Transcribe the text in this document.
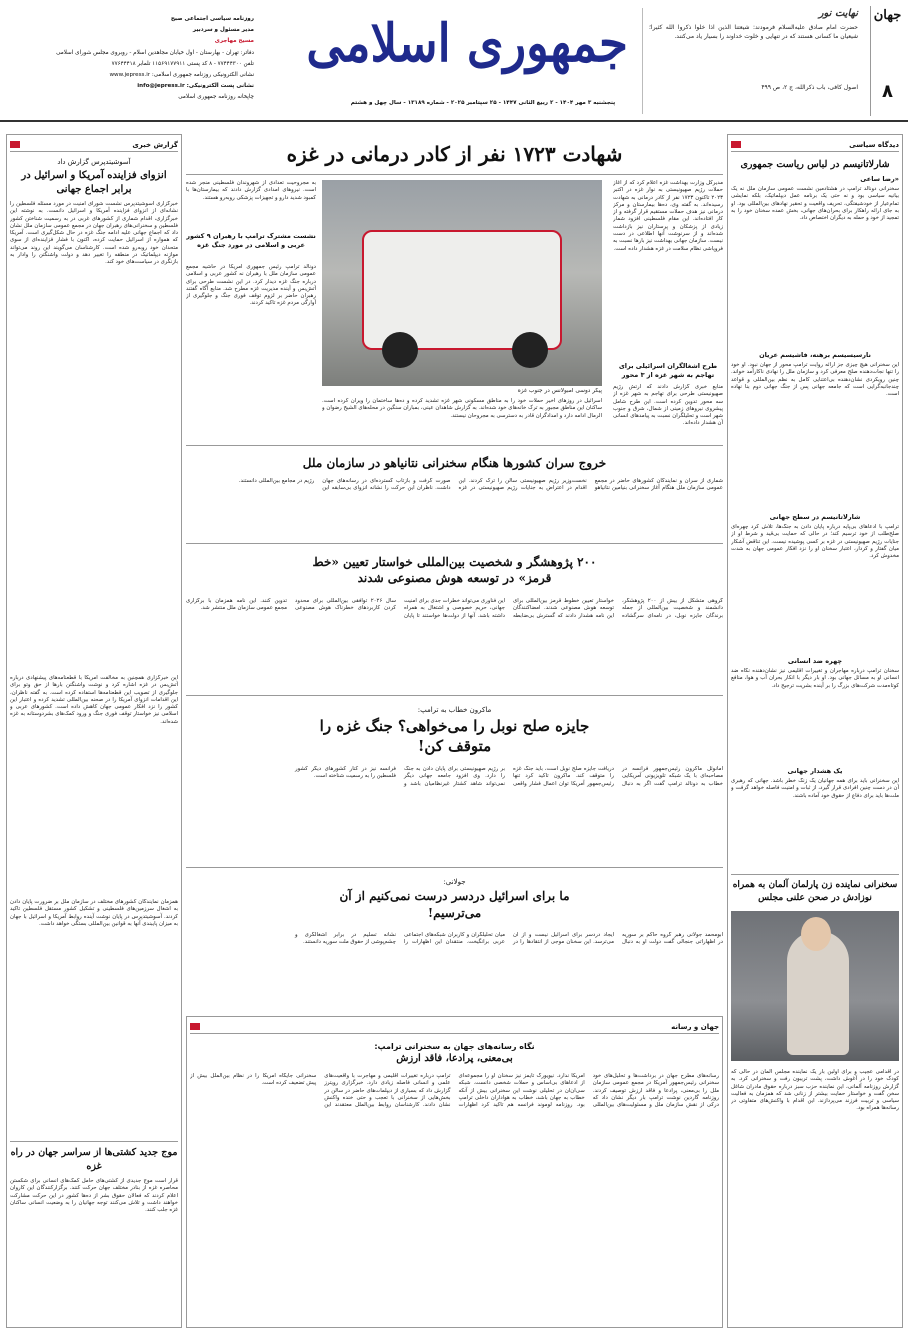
جهان
۸
نهایت نور
حضرت امام صادق علیه‌السلام فرمودند: شیعتنا الذین اذا خلوا ذکروا الله کثیرا؛ شیعیان ما کسانی هستند که در تنهایی و خلوت خداوند را بسیار یاد می‌کنند.
اصول کافی، باب ذکرالله، ج ۲، ص ۴۹۹
جمهوری اسلامی
پنجشنبه ۳ مهر ۱۴۰۴ - ۲ ربیع الثانی ۱۴۴۷ - ۲۵ سپتامبر ۲۰۲۵ - شماره ۱۳۱۸۹ - سال چهل و هشتم
روزنامه سیاسی اجتماعی صبح
مدیر مسئول و سردبیر
مسیح مهاجری
دفاتر: تهران - بهارستان - اول خیابان مجاهدین اسلام - روبروی مجلس شورای اسلامی
تلفن ۷۷۴۴۴۳۰۰ - ۸ کد پستی ۱۱۵۶۹۱۷۷۹۱۱ تلمابر ۷۷۶۴۴۴۱۸
نشانی الکترونیکی روزنامه جمهوری اسلامی: www.jepress.ir
نشانی پست الکترونیکی: info@jepress.ir
چاپخانه روزنامه جمهوری اسلامی
گزارش خبری
آسوشیتدپرس گزارش داد
انزوای فزاینده آمریکا و اسرائیل در برابر اجماع جهانی
خبرگزاری آسوشیتدپرس نشست شورای امنیت در مورد مسئله فلسطین را نشانه‌ای از انزوای فزاینده آمریکا و اسرائیل دانست. به نوشته این خبرگزاری، اقدام شماری از کشورهای غربی در به رسمیت شناختن کشور فلسطین و سخنرانی‌های رهبران جهان در مجمع عمومی سازمان ملل نشان داد که اجماع جهانی علیه ادامه جنگ غزه در حال شکل‌گیری است. آمریکا که همواره از اسرائیل حمایت کرده، اکنون با فشار فزاینده‌ای از سوی متحدان خود روبه‌رو شده است. کارشناسان می‌گویند این روند می‌تواند موازنه دیپلماتیک در منطقه را تغییر دهد و دولت واشنگتن را وادار به بازنگری در سیاست‌های خود کند.
این خبرگزاری همچنین به مخالفت آمریکا با قطعنامه‌های پیشنهادی درباره آتش‌بس در غزه اشاره کرد و نوشت واشنگتن بارها از حق وتو برای جلوگیری از تصویب این قطعنامه‌ها استفاده کرده است. به گفته ناظران، این اقدامات انزوای آمریکا را در صحنه بین‌المللی تشدید کرده و اعتبار این کشور را نزد افکار عمومی جهان کاهش داده است. کشورهای عربی و اسلامی نیز خواستار توقف فوری جنگ و ورود کمک‌های بشردوستانه به غزه شده‌اند.
همزمان نمایندگان کشورهای مختلف در سازمان ملل بر ضرورت پایان دادن به اشغال سرزمین‌های فلسطینی و تشکیل کشور مستقل فلسطین تاکید کردند. آسوشیتدپرس در پایان نوشت آینده روابط آمریکا و اسرائیل با جهان به میزان پایبندی آنها به قوانین بین‌المللی بستگی خواهد داشت.
موج جدید کشتی‌ها از سراسر جهان در راه غزه
قرار است موج جدیدی از کشتی‌های حامل کمک‌های انسانی برای شکستن محاصره غزه از بنادر مختلف جهان حرکت کنند. برگزارکنندگان این کاروان اعلام کردند که فعالان حقوق بشر از ده‌ها کشور در این حرکت مشارکت خواهند داشت و تلاش می‌کنند توجه جهانیان را به وضعیت انسانی ساکنان غزه جلب کنند.
دیدگاه سیاسی
شارلاتانیسم در لباس ریاست جمهوری
«رضا ساعی
سخنرانی دونالد ترامپ در هشتادمین نشست عمومی سازمان ملل نه یک بیانیه سیاسی بود و نه حتی یک برنامه عمل دیپلماتیک، بلکه نمایشی تمام‌عیار از خودشیفتگی، تحریف واقعیت و تحقیر نهادهای بین‌المللی بود. او به جای ارائه راهکار برای بحران‌های جهانی، بخش عمده سخنان خود را به تمجید از خود و حمله به دیگران اختصاص داد.
نارسیسیسم برهنه، فاشیسم عریان
این سخنرانی هیچ چیزی جز ارائه روایت ترامپ محور از جهان نبود. او خود را تنها نجات‌دهنده صلح معرفی کرد و سازمان ملل را نهادی ناکارآمد خواند. چنین رویکردی نشان‌دهنده بی‌اعتنایی کامل به نظم بین‌المللی و قواعد چندجانبه‌گرایی است که جامعه جهانی پس از جنگ جهانی دوم بنا نهاده است.
شارلاتانیسم در سطح جهانی
ترامپ با ادعاهای بی‌پایه درباره پایان دادن به جنگ‌ها، تلاش کرد چهره‌ای صلح‌طلب از خود ترسیم کند؛ در حالی که حمایت بی‌قید و شرط او از جنایات رژیم صهیونیستی در غزه بر کسی پوشیده نیست. این تناقض آشکار میان گفتار و کردار، اعتبار سخنان او را نزد افکار عمومی جهان به شدت مخدوش کرد.
چهره ضد انسانی
سخنان ترامپ درباره مهاجران و تغییرات اقلیمی نیز نشان‌دهنده نگاه ضد انسانی او به مسائل جهانی بود. او بار دیگر با انکار بحران آب و هوا، منافع کوتاه‌مدت شرکت‌های بزرگ را بر آینده بشریت ترجیح داد.
یک هشدار جهانی
این سخنرانی باید برای همه جهانیان یک زنگ خطر باشد. جهانی که رهبری آن در دست چنین افرادی قرار گیرد، از ثبات و امنیت فاصله خواهد گرفت و ملت‌ها باید برای دفاع از حقوق خود آماده باشند.
سخنرانی نماینده زن پارلمان آلمان به همراه نوزادش در صحن علنی مجلس
در اقدامی عجیب و برای اولین بار یک نماینده مجلس آلمان در حالی که کودک خود را در آغوش داشت، پشت تریبون رفت و سخنرانی کرد. به گزارش روزنامه آلمانی، این نماینده حزب سبز درباره حقوق مادران شاغل سخن گفت و خواستار حمایت بیشتر از زنانی شد که همزمان به فعالیت سیاسی و تربیت فرزند می‌پردازند. این اقدام با واکنش‌های متفاوتی در رسانه‌ها همراه بود.
شهادت ۱۷۲۳ نفر از کادر درمانی در غزه
مدیرکل وزارت بهداشت غزه اعلام کرد که از آغاز حملات رژیم صهیونیستی به نوار غزه در اکتبر ۲۰۲۳ تاکنون ۱۷۲۳ نفر از کادر درمانی به شهادت رسیده‌اند. به گفته وی، ده‌ها بیمارستان و مرکز درمانی نیز هدف حملات مستقیم قرار گرفته و از کار افتاده‌اند. این مقام فلسطینی افزود شمار زیادی از پزشکان و پرستاران نیز بازداشت شده‌اند و از سرنوشت آنها اطلاعی در دست نیست. سازمان جهانی بهداشت نیز بارها نسبت به فروپاشی نظام سلامت در غزه هشدار داده است.
طرح اشغالگران اسرائیلی برای تهاجم به شهر غزه از ۳ محور
منابع خبری گزارش دادند که ارتش رژیم صهیونیستی طرحی برای تهاجم به شهر غزه از سه محور تدوین کرده است. این طرح شامل پیشروی نیروهای زمینی از شمال، شرق و جنوب شهر است و تحلیلگران نسبت به پیامدهای انسانی آن هشدار داده‌اند.
پیکر دوسی آمبولانس در جنوب غزه
اسرائیل در روزهای اخیر حملات خود را به مناطق مسکونی شهر غزه تشدید کرده و ده‌ها ساختمان را ویران کرده است. ساکنان این مناطق مجبور به ترک خانه‌های خود شده‌اند. به گزارش شاهدان عینی، بمباران سنگین در محله‌های الشیخ رضوان و الرمال ادامه دارد و امدادگران قادر به دسترسی به مجروحان نیستند.
به مجروحیت تعدادی از شهروندان فلسطینی منجر شده است. نیروهای امدادی گزارش دادند که بیمارستان‌ها با کمبود شدید دارو و تجهیزات پزشکی روبه‌رو هستند.
نشست مشترک ترامپ با رهبران ۹ کشور عربی و اسلامی در مورد جنگ غزه
دونالد ترامپ رئیس جمهوری آمریکا در حاشیه مجمع عمومی سازمان ملل با رهبران نه کشور عربی و اسلامی درباره جنگ غزه دیدار کرد. در این نشست طرحی برای آتش‌بس و آینده مدیریت غزه مطرح شد. منابع آگاه گفتند رهبران حاضر بر لزوم توقف فوری جنگ و جلوگیری از آوارگی مردم غزه تاکید کردند.
خروج سران کشورها هنگام سخنرانی نتانیاهو در سازمان ملل
شماری از سران و نمایندگان کشورهای حاضر در مجمع عمومی سازمان ملل هنگام آغاز سخنرانی بنیامین نتانیاهو نخست‌وزیر رژیم صهیونیستی سالن را ترک کردند. این اقدام در اعتراض به جنایات رژیم صهیونیستی در غزه صورت گرفت و بازتاب گسترده‌ای در رسانه‌های جهان داشت. ناظران این حرکت را نشانه انزوای بی‌سابقه این رژیم در مجامع بین‌المللی دانستند.
۲۰۰ پژوهشگر و شخصیت بین‌المللی خواستار تعیین «خط قرمز» در توسعه هوش مصنوعی شدند
گروهی متشکل از بیش از ۲۰۰ پژوهشگر، دانشمند و شخصیت بین‌المللی از جمله برندگان جایزه نوبل، در نامه‌ای سرگشاده خواستار تعیین خطوط قرمز بین‌المللی برای توسعه هوش مصنوعی شدند. امضاکنندگان این نامه هشدار دادند که گسترش بی‌ضابطه این فناوری می‌تواند خطرات جدی برای امنیت جهانی، حریم خصوصی و اشتغال به همراه داشته باشد. آنها از دولت‌ها خواستند تا پایان سال ۲۰۲۶ توافقی بین‌المللی برای محدود کردن کاربردهای خطرناک هوش مصنوعی تدوین کنند. این نامه همزمان با برگزاری مجمع عمومی سازمان ملل منتشر شد.
ماکرون خطاب به ترامپ:
جایزه صلح نوبل را می‌خواهی؟ جنگ غزه را متوقف کن!
امانوئل ماکرون رئیس‌جمهور فرانسه در مصاحبه‌ای با یک شبکه تلویزیونی آمریکایی خطاب به دونالد ترامپ گفت اگر به دنبال دریافت جایزه صلح نوبل است، باید جنگ غزه را متوقف کند. ماکرون تاکید کرد تنها رئیس‌جمهور آمریکا توان اعمال فشار واقعی بر رژیم صهیونیستی برای پایان دادن به جنگ را دارد. وی افزود جامعه جهانی دیگر نمی‌تواند شاهد کشتار غیرنظامیان باشد و فرانسه نیز در کنار کشورهای دیگر کشور فلسطین را به رسمیت شناخته است.
جولانی:
ما برای اسرائیل دردسر درست نمی‌کنیم از آن می‌ترسیم!
ابومحمد جولانی رهبر گروه حاکم بر سوریه در اظهاراتی جنجالی گفت دولت او به دنبال ایجاد دردسر برای اسرائیل نیست و از آن می‌ترسد. این سخنان موجی از انتقادها را در میان تحلیلگران و کاربران شبکه‌های اجتماعی عربی برانگیخت. منتقدان این اظهارات را نشانه تسلیم در برابر اشغالگری و چشم‌پوشی از حقوق ملت سوریه دانستند.
جهان و رسانه
نگاه رسانه‌های جهان به سخنرانی ترامپ:
بی‌معنی، پرادعا، فاقد ارزش
رسانه‌های مطرح جهان در برداشت‌ها و تحلیل‌های خود سخنرانی رئیس‌جمهور آمریکا در مجمع عمومی سازمان ملل را بی‌معنی، پرادعا و فاقد ارزش توصیف کردند. روزنامه گاردین نوشت ترامپ بار دیگر نشان داد که درکی از نقش سازمان ملل و مسئولیت‌های بین‌المللی آمریکا ندارد. نیویورک تایمز نیز سخنان او را مجموعه‌ای از ادعاهای بی‌اساس و حملات شخصی دانست. شبکه سی‌ان‌ان در تحلیلی نوشت این سخنرانی بیش از آنکه خطاب به جهان باشد، خطاب به هواداران داخلی ترامپ بود. روزنامه لوموند فرانسه هم تاکید کرد اظهارات ترامپ درباره تغییرات اقلیمی و مهاجرت با واقعیت‌های علمی و انسانی فاصله زیادی دارد. خبرگزاری رویترز گزارش داد که بسیاری از دیپلمات‌های حاضر در سالن در بخش‌هایی از سخنرانی با تعجب و حتی خنده واکنش نشان دادند. کارشناسان روابط بین‌الملل معتقدند این سخنرانی جایگاه آمریکا را در نظام بین‌الملل بیش از پیش تضعیف کرده است.
